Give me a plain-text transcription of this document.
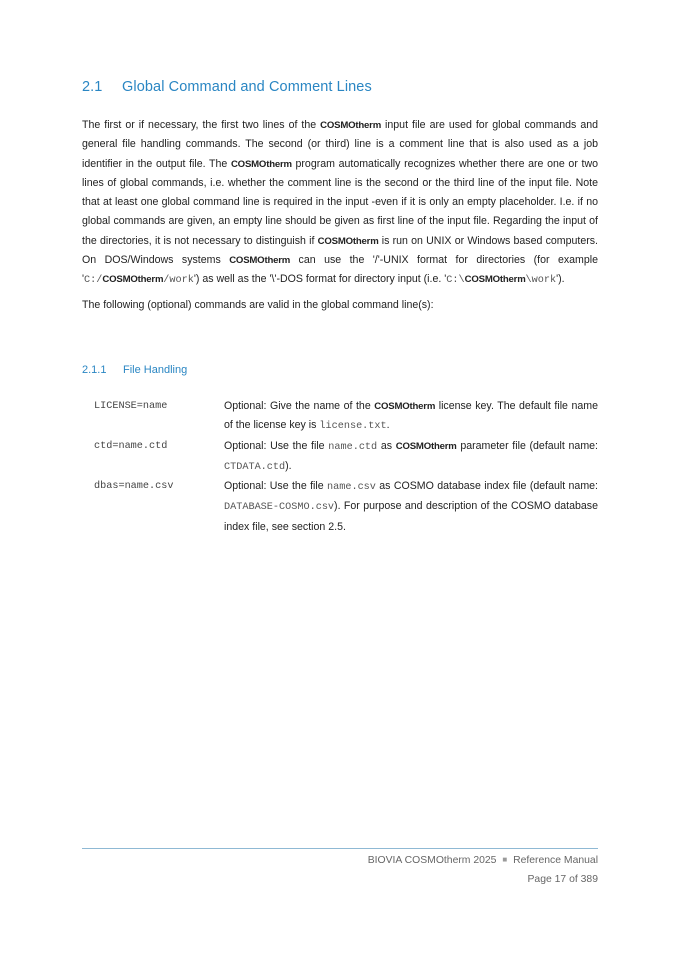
2.1 Global Command and Comment Lines
The first or if necessary, the first two lines of the COSMOtherm input file are used for global commands and general file handling commands. The second (or third) line is a comment line that is also used as a job identifier in the output file. The COSMOtherm program automatically recognizes whether there are one or two lines of global commands, i.e. whether the comment line is the second or the third line of the input file. Note that at least one global command line is required in the input -even if it is only an empty placeholder. I.e. if no global commands are given, an empty line should be given as first line of the input file. Regarding the input of the directories, it is not necessary to distinguish if COSMOtherm is run on UNIX or Windows based computers. On DOS/Windows systems COSMOtherm can use the '/'-UNIX format for directories (for example 'C:/COSMOtherm/work') as well as the '\'-DOS format for directory input (i.e. 'C:\COSMOtherm\work').
The following (optional) commands are valid in the global command line(s):
2.1.1 File Handling
LICENSE=name	Optional: Give the name of the COSMOtherm license key. The default file name of the license key is license.txt.
ctd=name.ctd	Optional: Use the file name.ctd as COSMOtherm parameter file (default name: CTDATA.ctd).
dbas=name.csv	Optional: Use the file name.csv as COSMO database index file (default name: DATABASE-COSMO.csv). For purpose and description of the COSMO database index file, see section 2.5.
BIOVIA COSMOtherm 2025 ■ Reference Manual
Page 17 of 389
